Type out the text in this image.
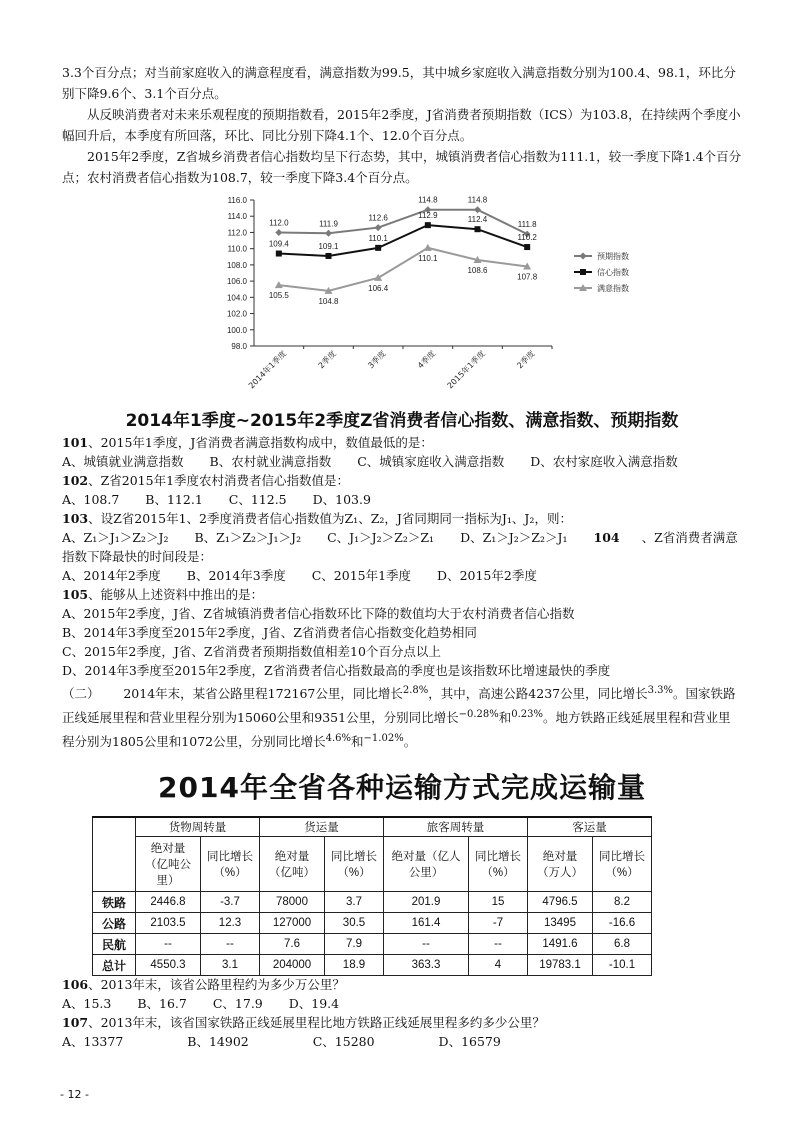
3.3个百分点；对当前家庭收入的满意程度看，满意指数为99.5，其中城乡家庭收入满意指数分别为100.4、98.1，环比分别下降9.6个、3.1个百分点。

从反映消费者对未来乐观程度的预期指数看，2015年2季度，J省消费者预期指数（ICS）为103.8，在持续两个季度小幅回升后，本季度有所回落，环比、同比分别下降4.1个、12.0个百分点。

2015年2季度，Z省城乡消费者信心指数均呈下行态势，其中，城镇消费者信心指数为111.1，较一季度下降1.4个百分点；农村消费者信心指数为108.7，较一季度下降3.4个百分点。

116.0
114.0
112.0
110.0
108.0
106.0
104.0
102.0
100.0
98.0
2014年1季度	2季度	3季度	4季度 2015年1季度	2季度
112.0	111.9
112.6
114.8	114.8
111.8
预期指数
109.4	109.1
110.1
112.9	112.4
110.2
信心指数
105.5
104.8
106.4
110.1
108.6
107.8
满意指数
2014年1季度~2015年2季度Z省消费者信心指数、满意指数、预期指数

101、2015年1季度，J省消费者满意指数构成中，数值最低的是：

A、城镇就业满意指数 B、农村就业满意指数 C、城镇家庭收入满意指数 D、农村家庭收入满意指数

102、Z省2015年1季度农村消费者信心指数值是：

A、108.7 B、112.1 C、112.5 D、103.9

103、设Z省2015年1、2季度消费者信心指数值为Z₁、Z₂，J省同期同一指标为J₁、J₂，则：

A、Z₁＞J₁＞Z₂＞J₂ B、Z₁＞Z₂＞J₁＞J₂ C、J₁＞J₂＞Z₂＞Z₁ D、Z₁＞J₂＞Z₂＞J₁ 104 、Z省消费者满意指数下降最快的时间段是：

A、2014年2季度 B、2014年3季度 C、2015年1季度 D、2015年2季度

105、能够从上述资料中推出的是：

A、2015年2季度，J省、Z省城镇消费者信心指数环比下降的数值均大于农村消费者信心指数

B、2014年3季度至2015年2季度，J省、Z省消费者信心指数变化趋势相同

C、2015年2季度，J省、Z省消费者预期指数值相差10个百分点以上

D、2014年3季度至2015年2季度，Z省消费者信心指数最高的季度也是该指数环比增速最快的季度

（二） 2014年末，某省公路里程172167公里，同比增长$^{2.8\%}$，其中，高速公路4237公里，同比增长$^{3.3\%}$。国家铁路正线延展里程和营业里程分别为15060公里和9351公里，分别同比增长$^{-0.28\%}$和$^{0.23\%}$。地方铁路正线延展里程和营业里程分别为1805公里和1072公里，分别同比增长$^{4.6\%}$和$^{-1.02\%}$。

2014年全省各种运输方式完成运输量
	货物周转量		货运量		旅客周转量		客运量	
	绝对量（亿吨公里）	同比增长（%）	绝对量（亿吨）	同比增长（%）	绝对量（亿人公里）	同比增长（%）	绝对量（万人）	同比增长（%）
铁路	2446.8	-3.7	78000	3.7	201.9	15	4796.5	8.2
公路	2103.5	12.3	127000	30.5	161.4	-7	13495	-16.6
民航	--	--	7.6	7.9	--	--	1491.6	6.8
总计	4550.3	3.1	204000	18.9	363.3	4	19783.1	-10.1

106、2013年末，该省公路里程约为多少万公里？

A、15.3 B、16.7 C、17.9 D、19.4

107、2013年末，该省国家铁路正线延展里程比地方铁路正线延展里程多约多少公里？

A、13377	B、14902	C、15280	D、16579

- 12 -
